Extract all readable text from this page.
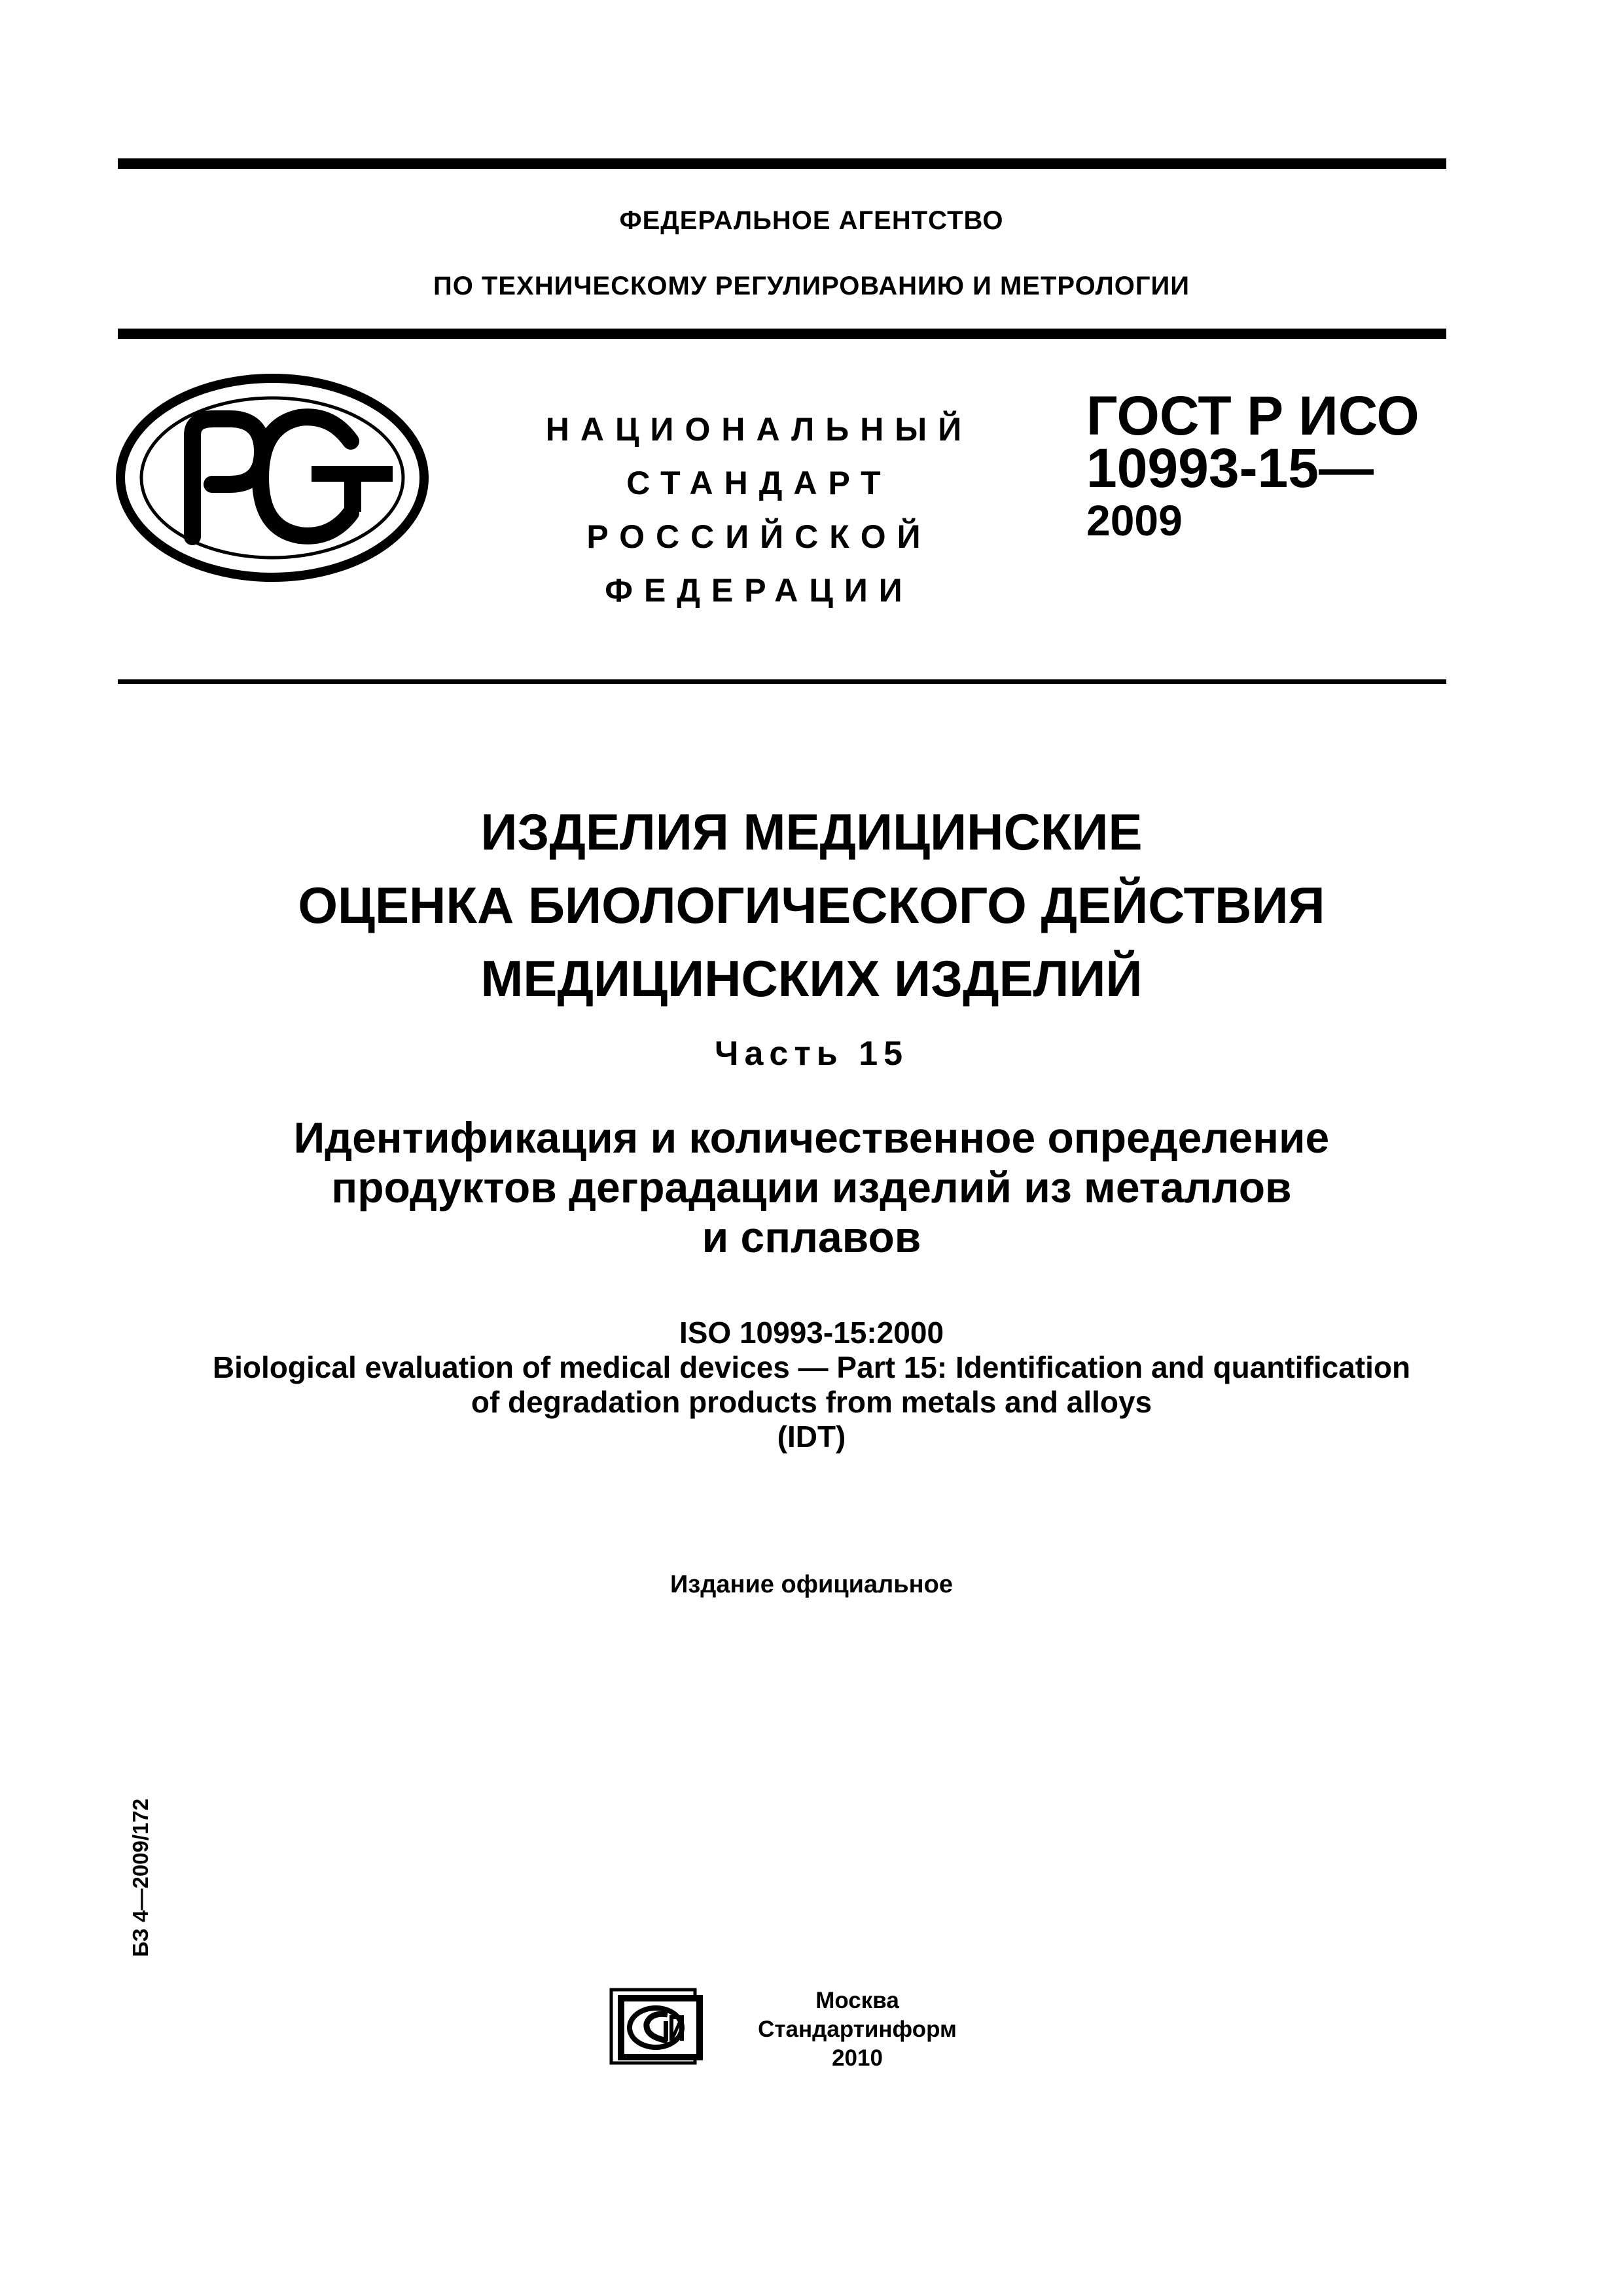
ФЕДЕРАЛЬНОЕ АГЕНТСТВО
ПО ТЕХНИЧЕСКОМУ РЕГУЛИРОВАНИЮ И МЕТРОЛОГИИ
НАЦИОНАЛЬНЫЙ
СТАНДАРТ
РОССИЙСКОЙ
ФЕДЕРАЦИИ
ГОСТ Р ИСО
10993-15—
2009
ИЗДЕЛИЯ МЕДИЦИНСКИЕ
ОЦЕНКА БИОЛОГИЧЕСКОГО ДЕЙСТВИЯ
МЕДИЦИНСКИХ ИЗДЕЛИЙ
Часть 15
Идентификация и количественное определение
продуктов деградации изделий из металлов
и сплавов
ISO 10993-15:2000
Biological evaluation of medical devices — Part 15: Identification and quantification
of degradation products from metals and alloys
(IDT)
Издание официальное
БЗ 4—2009/172
Москва
Стандартинформ
2010
